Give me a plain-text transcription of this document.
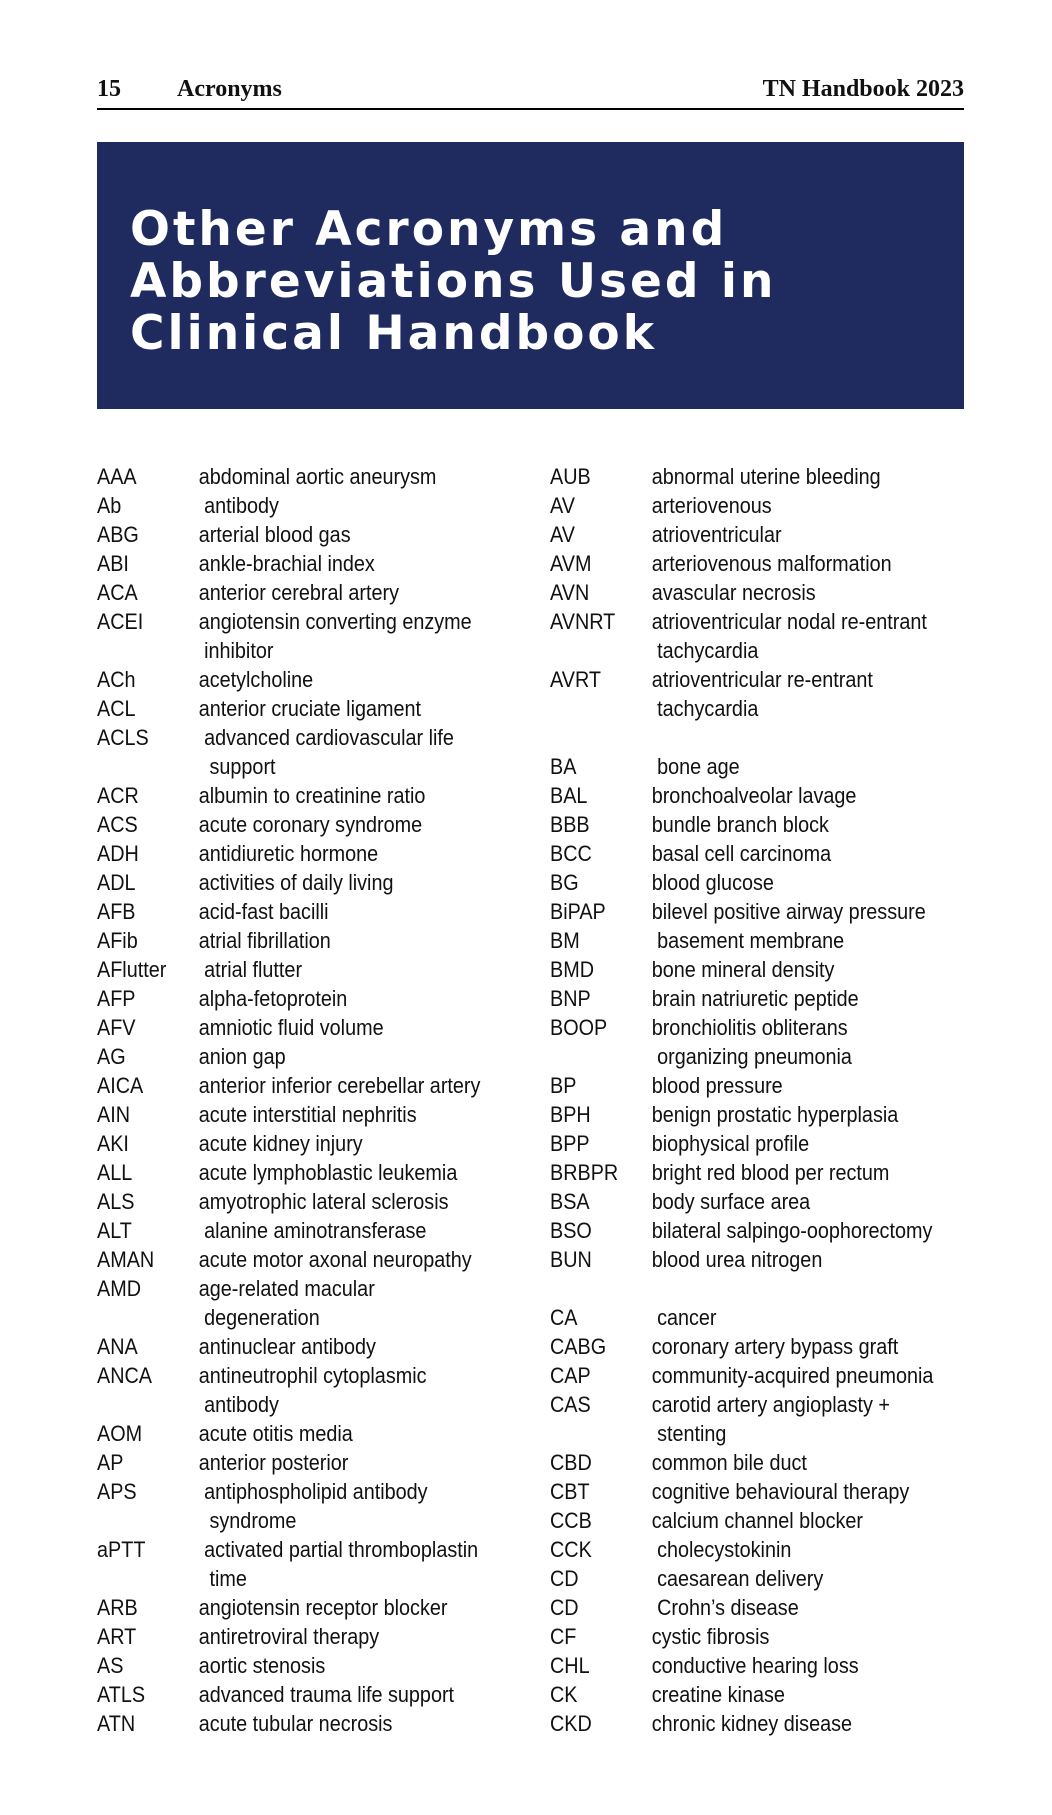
15 Acronyms	TN Handbook 2023
Other Acronyms and
Abbreviations Used in
Clinical Handbook
AAA	abdominal aortic aneurysm
Ab	antibody
ABG	arterial blood gas
ABI	ankle-brachial index
ACA	anterior cerebral artery
ACEI	angiotensin converting enzyme
inhibitor
ACh	acetylcholine
ACL	anterior cruciate ligament
ACLS	advanced cardiovascular life
support
ACR	albumin to creatinine ratio
ACS	acute coronary syndrome
ADH	antidiuretic hormone
ADL	activities of daily living
AFB	acid-fast bacilli
AFib	atrial fibrillation
AFlutter atrial flutter
AFP	alpha-fetoprotein
AFV	amniotic fluid volume
AG	anion gap
AICA	anterior inferior cerebellar artery
AIN	acute interstitial nephritis
AKI	acute kidney injury
ALL	acute lymphoblastic leukemia
ALS	amyotrophic lateral sclerosis
ALT	alanine aminotransferase
AMAN acute motor axonal neuropathy
AMD	age-related macular
degeneration
ANA	antinuclear antibody
ANCA antineutrophil cytoplasmic
antibody
AOM	acute otitis media
AP	anterior posterior
APS	antiphospholipid antibody
syndrome
aPTT	activated partial thromboplastin
time
ARB	angiotensin receptor blocker
ART	antiretroviral therapy
AS	aortic stenosis
ATLS advanced trauma life support
ATN	acute tubular necrosis
AUB	abnormal uterine bleeding
AV	arteriovenous
AV	atrioventricular
AVM	arteriovenous malformation
AVN	avascular necrosis
AVNRT atrioventricular nodal re-entrant
tachycardia
AVRT atrioventricular re-entrant
tachycardia
BA	bone age
BAL	bronchoalveolar lavage
BBB	bundle branch block
BCC	basal cell carcinoma
BG	blood glucose
BiPAP bilevel positive airway pressure
BM	basement membrane
BMD	bone mineral density
BNP	brain natriuretic peptide
BOOP bronchiolitis obliterans
organizing pneumonia
BP	blood pressure
BPH	benign prostatic hyperplasia
BPP	biophysical profile
BRBPR bright red blood per rectum
BSA	body surface area
BSO	bilateral salpingo-oophorectomy
BUN	blood urea nitrogen
CA	cancer
CABG coronary artery bypass graft
CAP	community-acquired pneumonia
CAS	carotid artery angioplasty +
stenting
CBD	common bile duct
CBT	cognitive behavioural therapy
CCB	calcium channel blocker
CCK	cholecystokinin
CD	caesarean delivery
CD	Crohn’s disease
CF	cystic fibrosis
CHL	conductive hearing loss
CK	creatine kinase
CKD	chronic kidney disease
